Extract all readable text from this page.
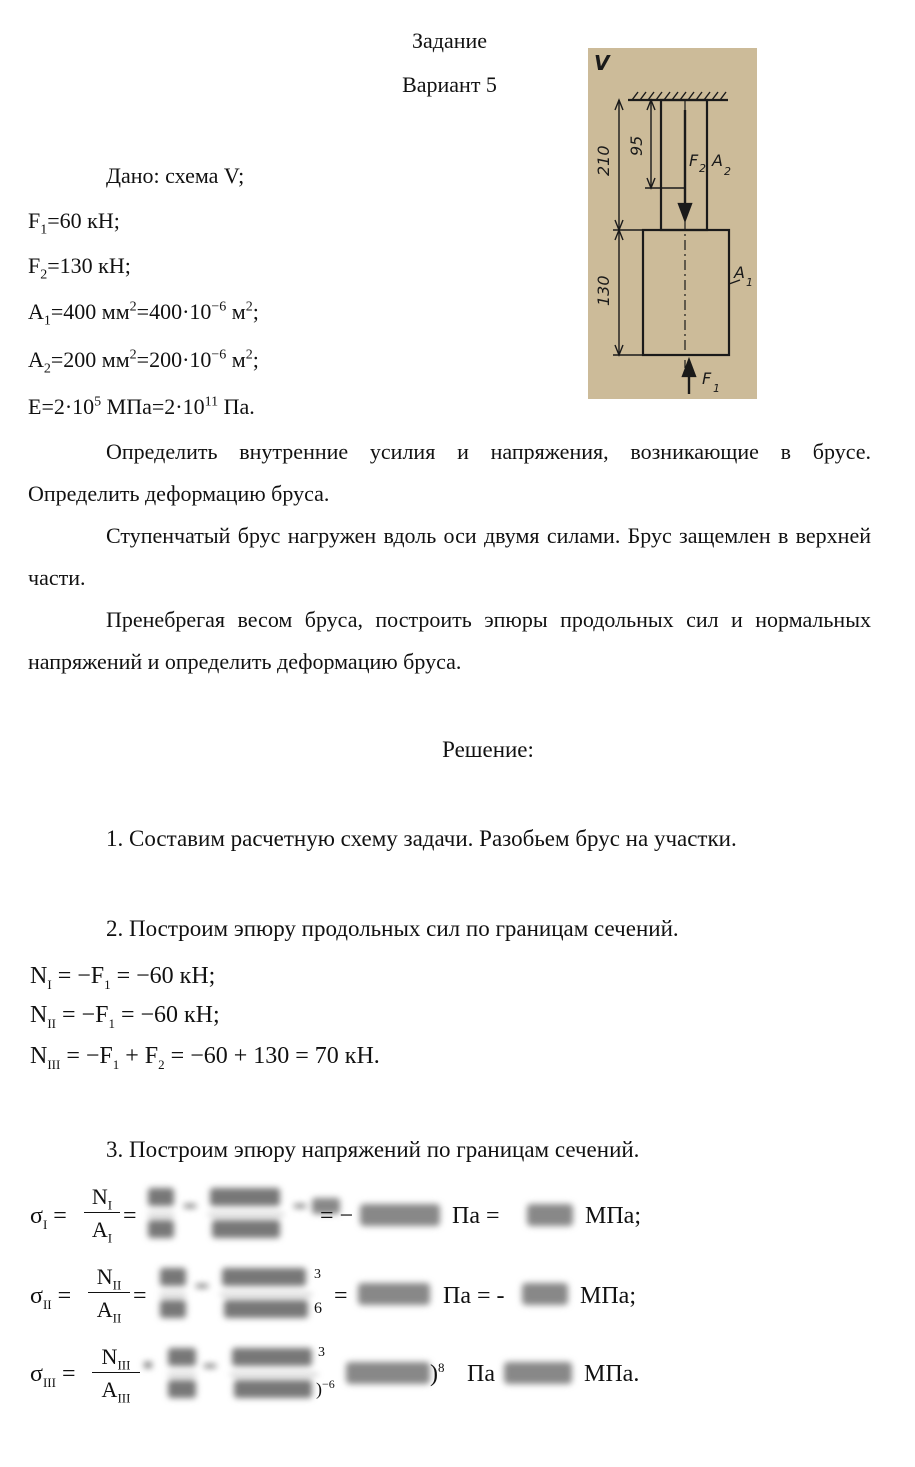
Задание
Вариант 5
Дано: схема V;
$F_1=60$ кН;
$F_2=130$ кН;
$A_1=400$ $мм^2=400\cdot 10^{-6}$ $м^2$;
$A_2=200$ $мм^2=200\cdot 10^{-6}$ $м^2$;
$E=2\cdot 10^5$ $МПа=2\cdot 10^{11}$ Па.
V
210 95
130
F 2 A
2
A
1
F
1
Определить внутренние усилия и напряжения, возникающие в брусе. Определить деформацию бруса.
Ступенчатый брус нагружен вдоль оси двумя силами. Брус защемлен в верхней части.
Пренебрегая весом бруса, построить эпюры продольных сил и нормальных напряжений и определить деформацию бруса.
Решение:
1. Составим расчетную схему задачи. Разобьем брус на участки.
2. Построим эпюру продольных сил по границам сечений.
$N_I = -F_1 = -60$ кН;
$N_{II} = -F_1 = -60$ кН;
$N_{III} = -F_1 + F_2 = -60 + 130 = 70$ кН.
3. Построим эпюру напряжений по границам сечений.
$\sigma_I$ =
$N_I$
$A_I$
=	= −	Па =	МПа;
$\sigma_{II}$ =
$N_{II}$
$A_{II}$
=
3
6 =	Па = -	МПа;
$\sigma_{III}$ =
$N_{III}$
$A_{III}$
3
)$^{-6}$	)$^8$ Па	МПа.
